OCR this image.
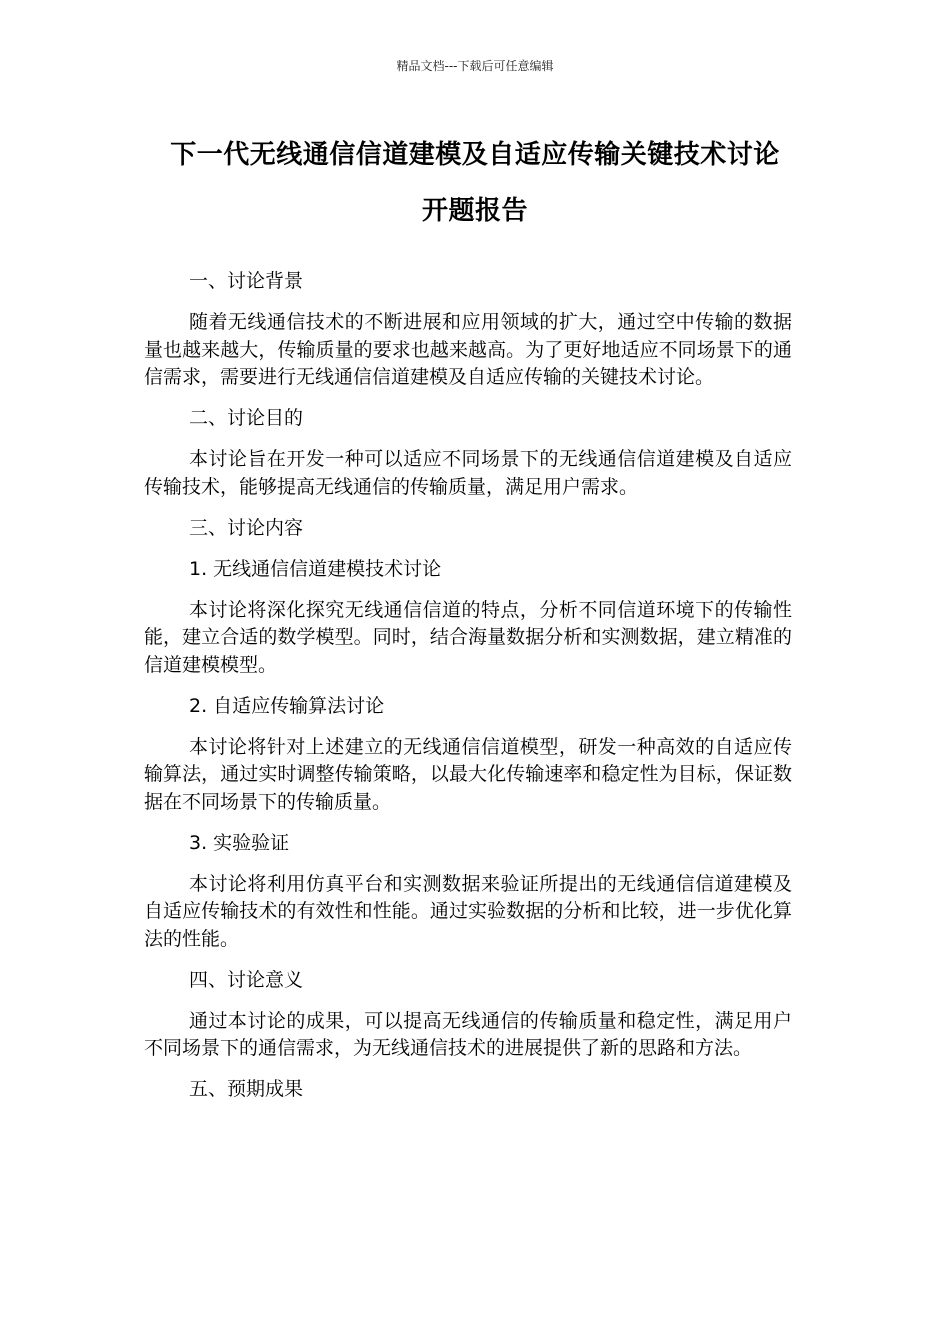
精品文档---下载后可任意编辑
下一代无线通信信道建模及自适应传输关键技术讨论
开题报告

一、讨论背景

随着无线通信技术的不断进展和应用领域的扩大，通过空中传输的数据量也越来越大，传输质量的要求也越来越高。为了更好地适应不同场景下的通信需求，需要进行无线通信信道建模及自适应传输的关键技术讨论。

二、讨论目的

本讨论旨在开发一种可以适应不同场景下的无线通信信道建模及自适应传输技术，能够提高无线通信的传输质量，满足用户需求。

三、讨论内容

1. 无线通信信道建模技术讨论

本讨论将深化探究无线通信信道的特点，分析不同信道环境下的传输性能，建立合适的数学模型。同时，结合海量数据分析和实测数据，建立精准的信道建模模型。

2. 自适应传输算法讨论

本讨论将针对上述建立的无线通信信道模型，研发一种高效的自适应传输算法，通过实时调整传输策略，以最大化传输速率和稳定性为目标，保证数据在不同场景下的传输质量。

3. 实验验证

本讨论将利用仿真平台和实测数据来验证所提出的无线通信信道建模及自适应传输技术的有效性和性能。通过实验数据的分析和比较，进一步优化算法的性能。

四、讨论意义

通过本讨论的成果，可以提高无线通信的传输质量和稳定性，满足用户不同场景下的通信需求，为无线通信技术的进展提供了新的思路和方法。

五、预期成果
